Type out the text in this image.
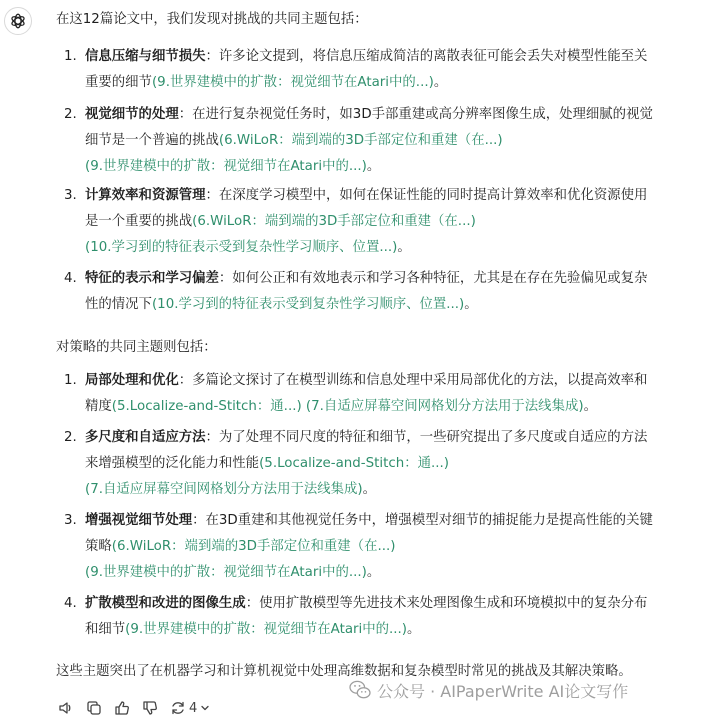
在这12篇论文中，我们发现对挑战的共同主题包括：
1. 信息压缩与细节损失：许多论文提到，将信息压缩成简洁的离散表征可能会丢失对模型性能至关
重要的细节(9.世界建模中的扩散：视觉细节在Atari中的...)。
2. 视觉细节的处理：在进行复杂视觉任务时，如3D手部重建或高分辨率图像生成，处理细腻的视觉
细节是一个普遍的挑战(6.WiLoR：端到端的3D手部定位和重建（在...)
(9.世界建模中的扩散：视觉细节在Atari中的...)。
3. 计算效率和资源管理：在深度学习模型中，如何在保证性能的同时提高计算效率和优化资源使用
是一个重要的挑战(6.WiLoR：端到端的3D手部定位和重建（在...)
(10.学习到的特征表示受到复杂性学习顺序、位置...)。
4. 特征的表示和学习偏差：如何公正和有效地表示和学习各种特征，尤其是在存在先验偏见或复杂
性的情况下(10.学习到的特征表示受到复杂性学习顺序、位置...)。
对策略的共同主题则包括：
1. 局部处理和优化：多篇论文探讨了在模型训练和信息处理中采用局部优化的方法，以提高效率和
精度(5.Localize-and-Stitch：通...) (7.自适应屏幕空间网格划分方法用于法线集成)。
2. 多尺度和自适应方法：为了处理不同尺度的特征和细节，一些研究提出了多尺度或自适应的方法
来增强模型的泛化能力和性能(5.Localize-and-Stitch：通...)
(7.自适应屏幕空间网格划分方法用于法线集成)。
3. 增强视觉细节处理：在3D重建和其他视觉任务中，增强模型对细节的捕捉能力是提高性能的关键
策略(6.WiLoR：端到端的3D手部定位和重建（在...)
(9.世界建模中的扩散：视觉细节在Atari中的...)。
4. 扩散模型和改进的图像生成：使用扩散模型等先进技术来处理图像生成和环境模拟中的复杂分布
和细节(9.世界建模中的扩散：视觉细节在Atari中的...)。
这些主题突出了在机器学习和计算机视觉中处理高维数据和复杂模型时常见的挑战及其解决策略。
公众号 · AIPaperWrite AI论文写作
4
